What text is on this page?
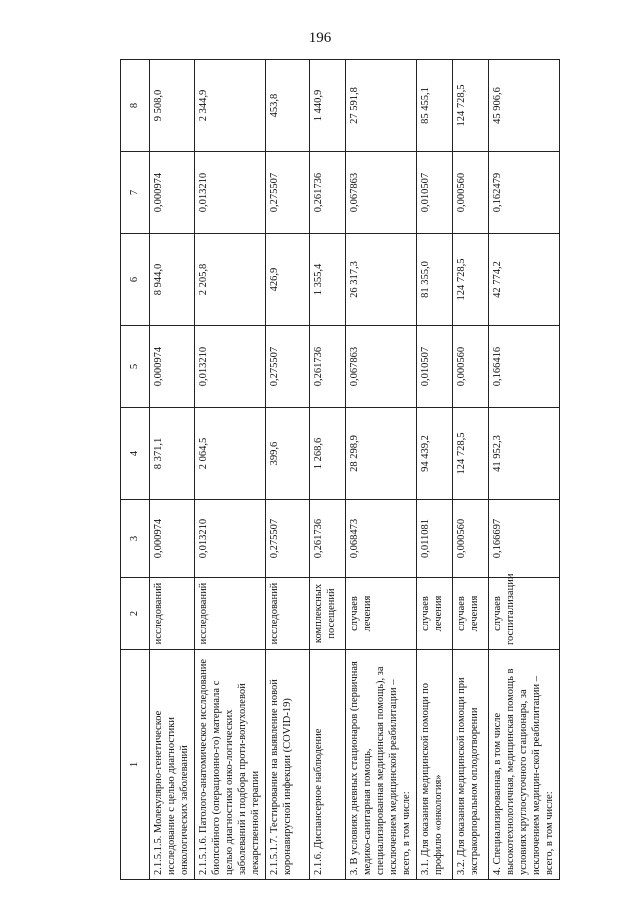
196
1	2	3	4	5	6	7	8
2.1.5.1.5. Молекулярно-генетическое исследование с целью диагностики онкологических заболеваний	исследований	0,000974	8 371,1	0,000974	8 944,0	0,000974	9 508,0
2.1.5.1.6. Патолого-анатомическое исследование биопсийного (операционно-го) материала с целью диагностики онко-логических заболеваний и подбора проти-вопухолевой лекарственной терапии	исследований	0,013210	2 064,5	0,013210	2 205,8	0,013210	2 344,9
2.1.5.1.7. Тестирование на выявление новой коронавирусной инфекции (COVID-19)	исследований	0,275507	399,6	0,275507	426,9	0,275507	453,8
2.1.6. Диспансерное наблюдение	комплексных посещений	0,261736	1 268,6	0,261736	1 355,4	0,261736	1 440,9
3. В условиях дневных стационаров (первичная медико-санитарная помощь, специализированная медицинская помощь), за исключением медицинской реабилитации – всего, в том числе:	случаев лечения	0,068473	28 298,9	0,067863	26 317,3	0,067863	27 591,8
3.1. Для оказания медицинской помощи по профилю «онкология»	случаев лечения	0,011081	94 439,2	0,010507	81 355,0	0,010507	85 455,1
3.2. Для оказания медицинской помощи при экстракорпоральном оплодотворении	случаев лечения	0,000560	124 728,5	0,000560	124 728,5	0,000560	124 728,5
4. Специализированная, в том числе высокотехнологичная, медицинская помощь в условиях круглосуточного стационара, за исключением медицин-ской реабилитации – всего, в том числе:	случаев госпитализации	0,166697	41 952,3	0,166416	42 774,2	0,162479	45 906,6
